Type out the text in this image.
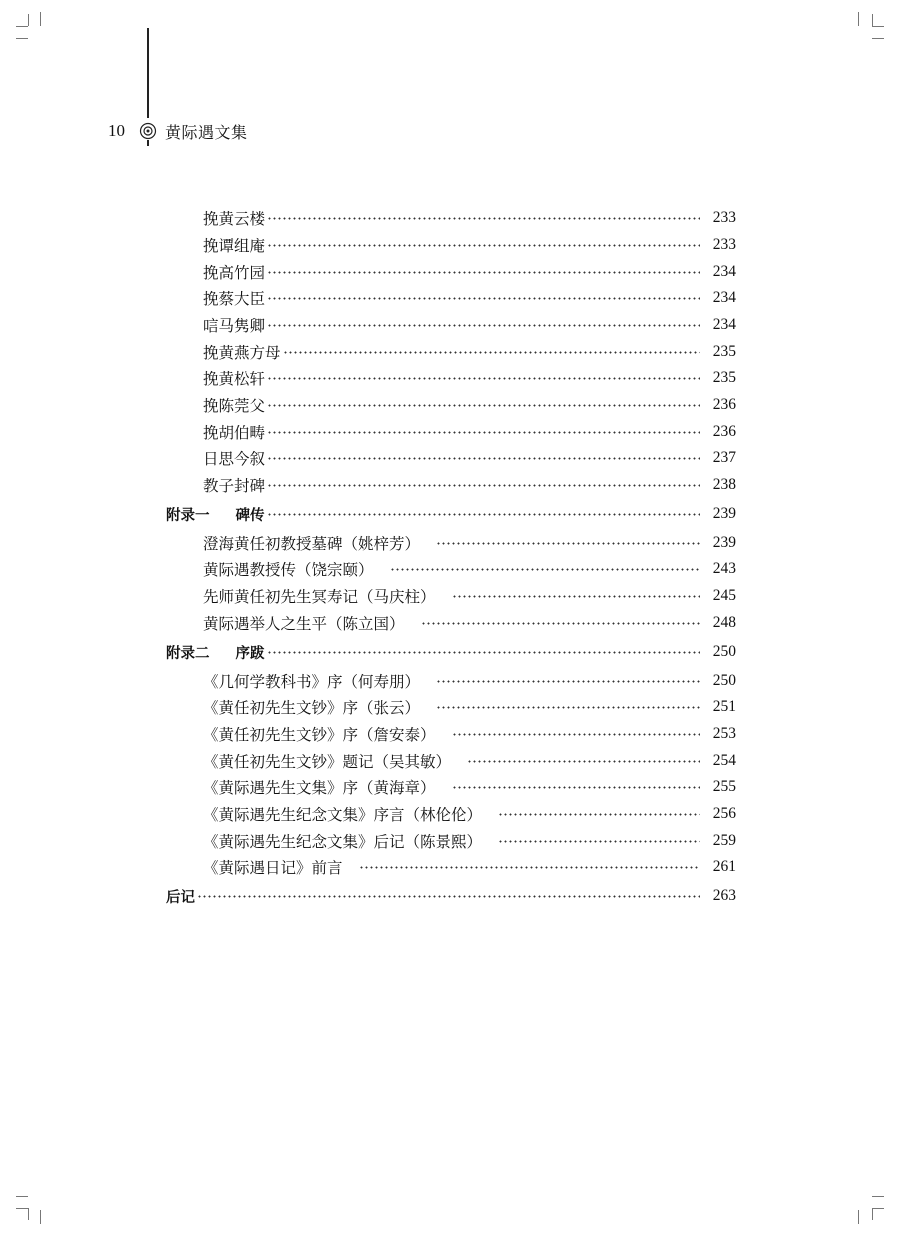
10	黄际遇文集
挽黄云楼	233
挽谭组庵	233
挽高竹园	234
挽蔡大臣	234
唁马隽卿	234
挽黄燕方母	235
挽黄松轩	235
挽陈莞父	236
挽胡伯畴	236
日思今叙	237
教子封碑	238
附录一 碑传	239
澄海黄任初教授墓碑（姚梓芳）	239
黄际遇教授传（饶宗颐）	243
先师黄任初先生冥寿记（马庆柱）	245
黄际遇举人之生平（陈立国）	248
附录二 序跋	250
《几何学教科书》序（何寿朋）	250
《黄任初先生文钞》序（张云）	251
《黄任初先生文钞》序（詹安泰）	253
《黄任初先生文钞》题记（吴其敏）	254
《黄际遇先生文集》序（黄海章）	255
《黄际遇先生纪念文集》序言（林伦伦）	256
《黄际遇先生纪念文集》后记（陈景熙）	259
《黄际遇日记》前言	261
后记	263
